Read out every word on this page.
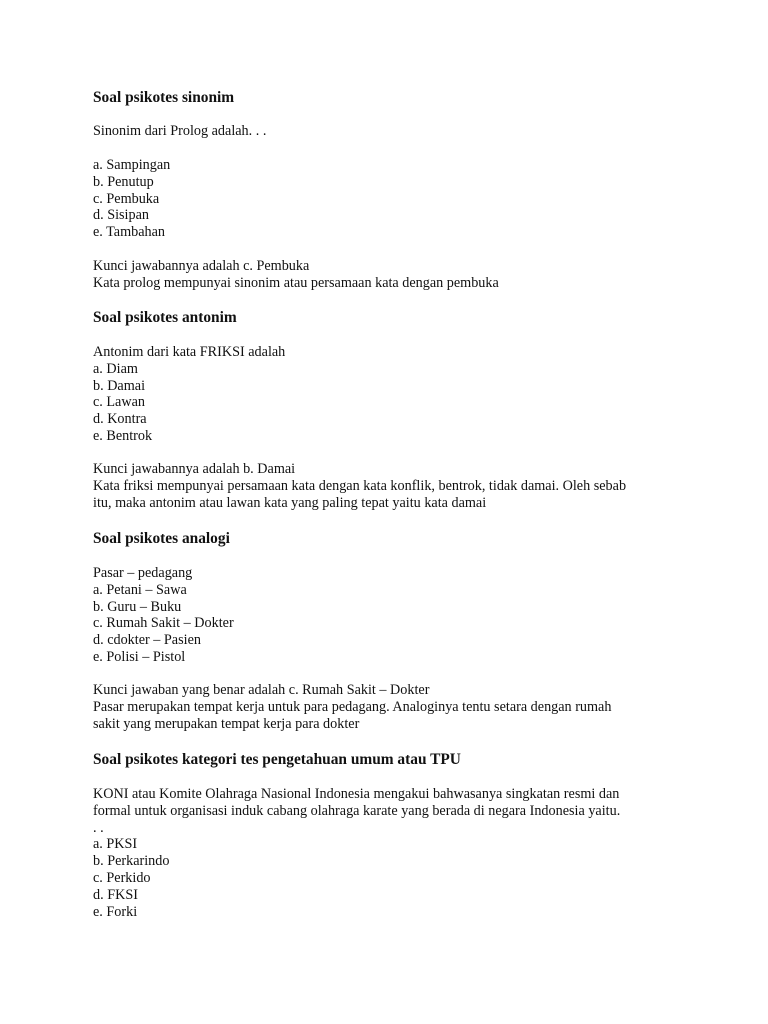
Soal psikotes sinonim
Sinonim dari Prolog adalah. . .
a. Sampingan
b. Penutup
c. Pembuka
d. Sisipan
e. Tambahan
Kunci jawabannya adalah c. Pembuka
Kata prolog mempunyai sinonim atau persamaan kata dengan pembuka
Soal psikotes antonim
Antonim dari kata FRIKSI adalah
a. Diam
b. Damai
c. Lawan
d. Kontra
e. Bentrok
Kunci jawabannya adalah b. Damai
Kata friksi mempunyai persamaan kata dengan kata konflik, bentrok, tidak damai. Oleh sebab
itu, maka antonim atau lawan kata yang paling tepat yaitu kata damai
Soal psikotes analogi
Pasar – pedagang
a. Petani – Sawa
b. Guru – Buku
c. Rumah Sakit – Dokter
d. cdokter – Pasien
e. Polisi – Pistol
Kunci jawaban yang benar adalah c. Rumah Sakit – Dokter
Pasar merupakan tempat kerja untuk para pedagang. Analoginya tentu setara dengan rumah
sakit yang merupakan tempat kerja para dokter
Soal psikotes kategori tes pengetahuan umum atau TPU
KONI atau Komite Olahraga Nasional Indonesia mengakui bahwasanya singkatan resmi dan
formal untuk organisasi induk cabang olahraga karate yang berada di negara Indonesia yaitu.
. .
a. PKSI
b. Perkarindo
c. Perkido
d. FKSI
e. Forki
